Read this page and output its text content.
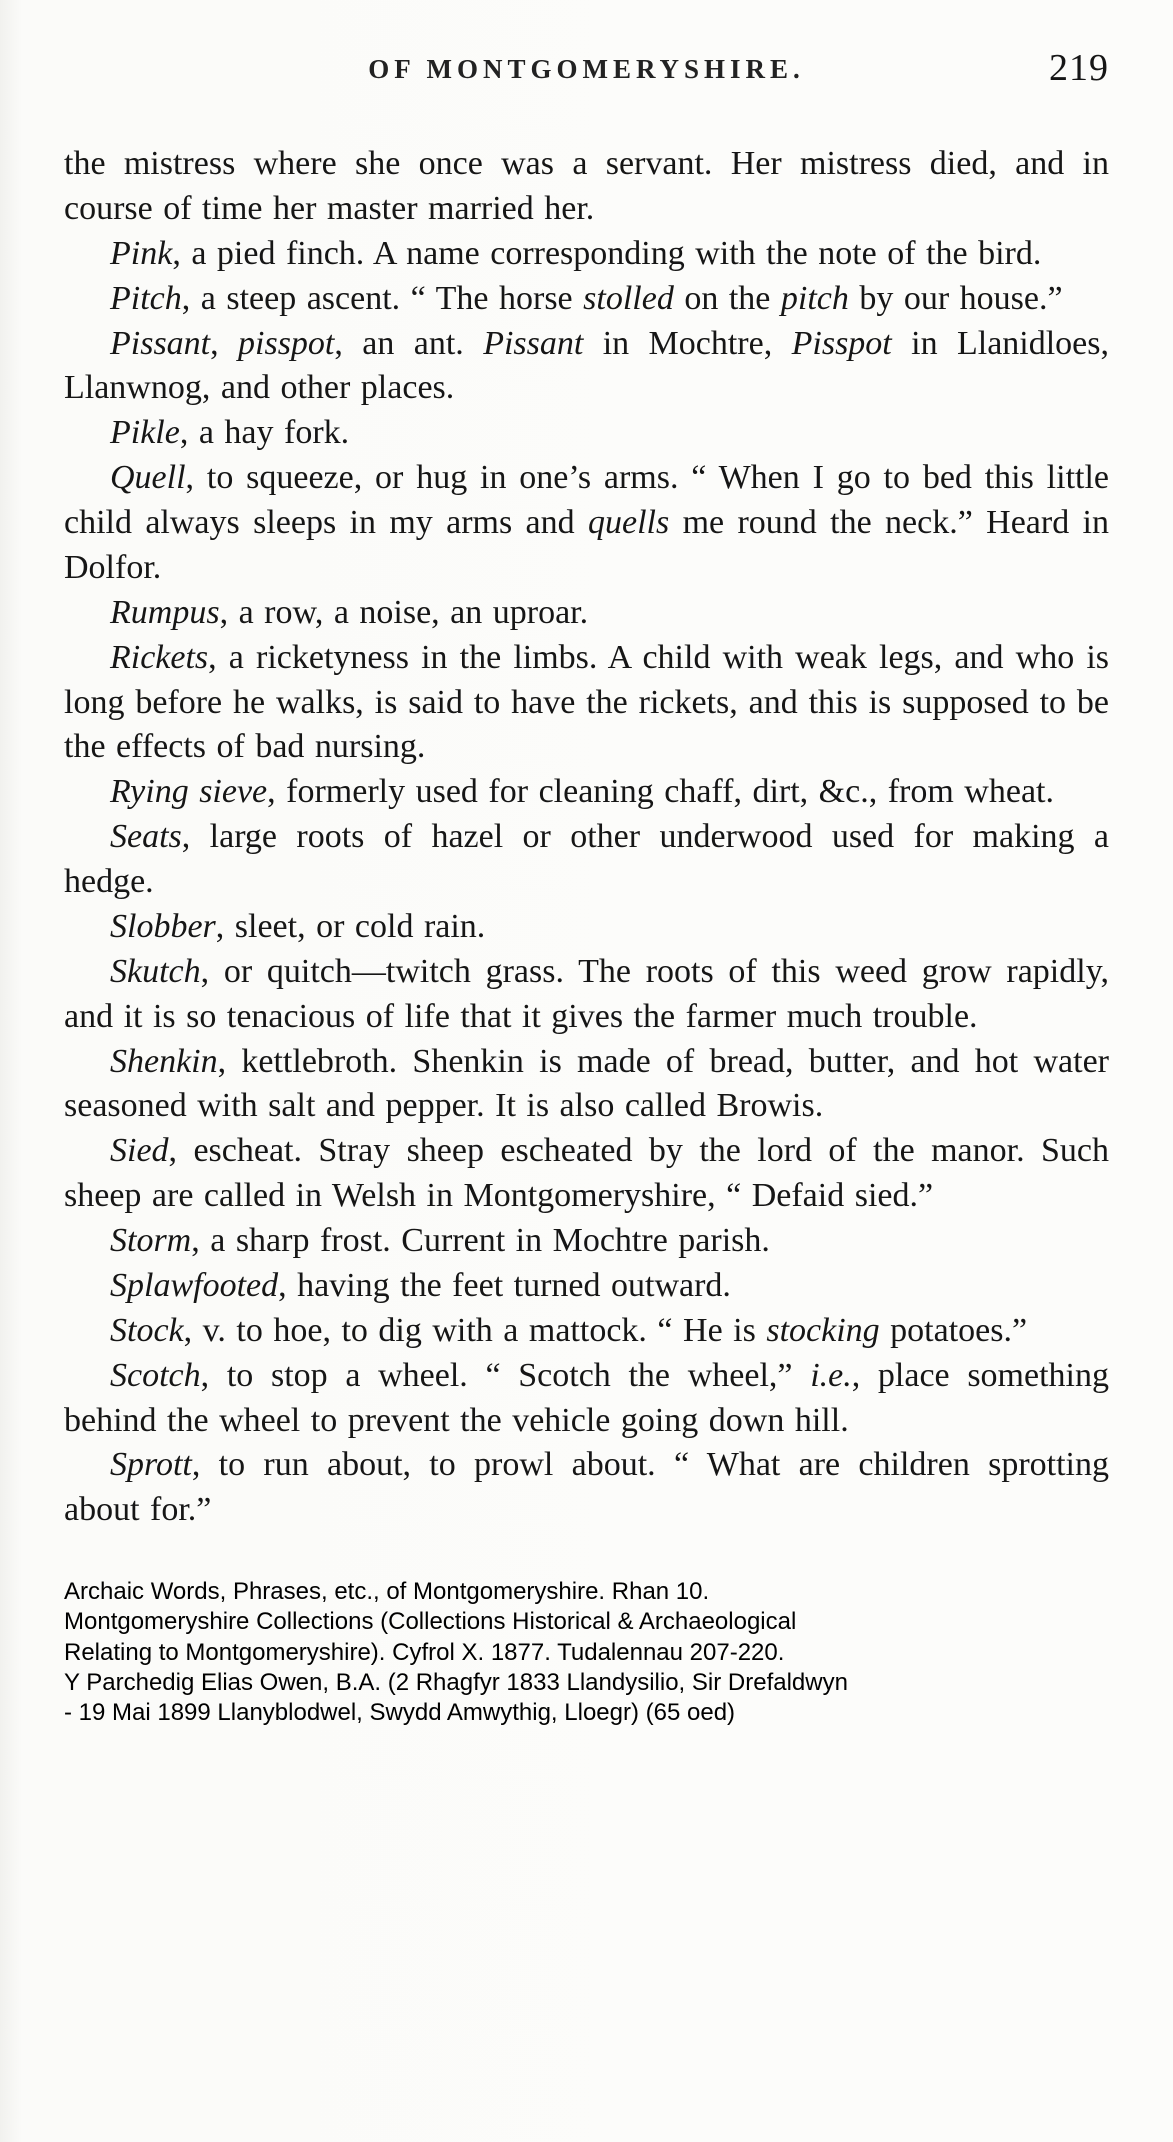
OF MONTGOMERYSHIRE.	219

the mistress where she once was a servant. Her mistress died, and in course of time her master married her.

Pink, a pied finch. A name corresponding with the note of the bird.

Pitch, a steep ascent. “ The horse stolled on the pitch by our house.”

Pissant, pisspot, an ant. Pissant in Mochtre, Pisspot in Llanidloes, Llanwnog, and other places.

Pikle, a hay fork.

Quell, to squeeze, or hug in one’s arms. “ When I go to bed this little child always sleeps in my arms and quells me round the neck.” Heard in Dolfor.

Rumpus, a row, a noise, an uproar.

Rickets, a ricketyness in the limbs. A child with weak legs, and who is long before he walks, is said to have the rickets, and this is supposed to be the effects of bad nursing.

Rying sieve, formerly used for cleaning chaff, dirt, &c., from wheat.

Seats, large roots of hazel or other underwood used for making a hedge.

Slobber, sleet, or cold rain.

Skutch, or quitch—twitch grass. The roots of this weed grow rapidly, and it is so tenacious of life that it gives the farmer much trouble.

Shenkin, kettlebroth. Shenkin is made of bread, butter, and hot water seasoned with salt and pepper. It is also called Browis.

Sied, escheat. Stray sheep escheated by the lord of the manor. Such sheep are called in Welsh in Montgomeryshire, “ Defaid sied.”

Storm, a sharp frost. Current in Mochtre parish.

Splawfooted, having the feet turned outward.

Stock, v. to hoe, to dig with a mattock. “ He is stocking potatoes.”

Scotch, to stop a wheel. “ Scotch the wheel,” i.e., place something behind the wheel to prevent the vehicle going down hill.

Sprott, to run about, to prowl about. “ What are children sprotting about for.”

Archaic Words, Phrases, etc., of Montgomeryshire. Rhan 10.
Montgomeryshire Collections (Collections Historical & Archaeological
Relating to Montgomeryshire). Cyfrol X. 1877. Tudalennau 207-220.
Y Parchedig Elias Owen, B.A. (2 Rhagfyr 1833 Llandysilio, Sir Drefaldwyn
- 19 Mai 1899 Llanyblodwel, Swydd Amwythig, Lloegr) (65 oed)
